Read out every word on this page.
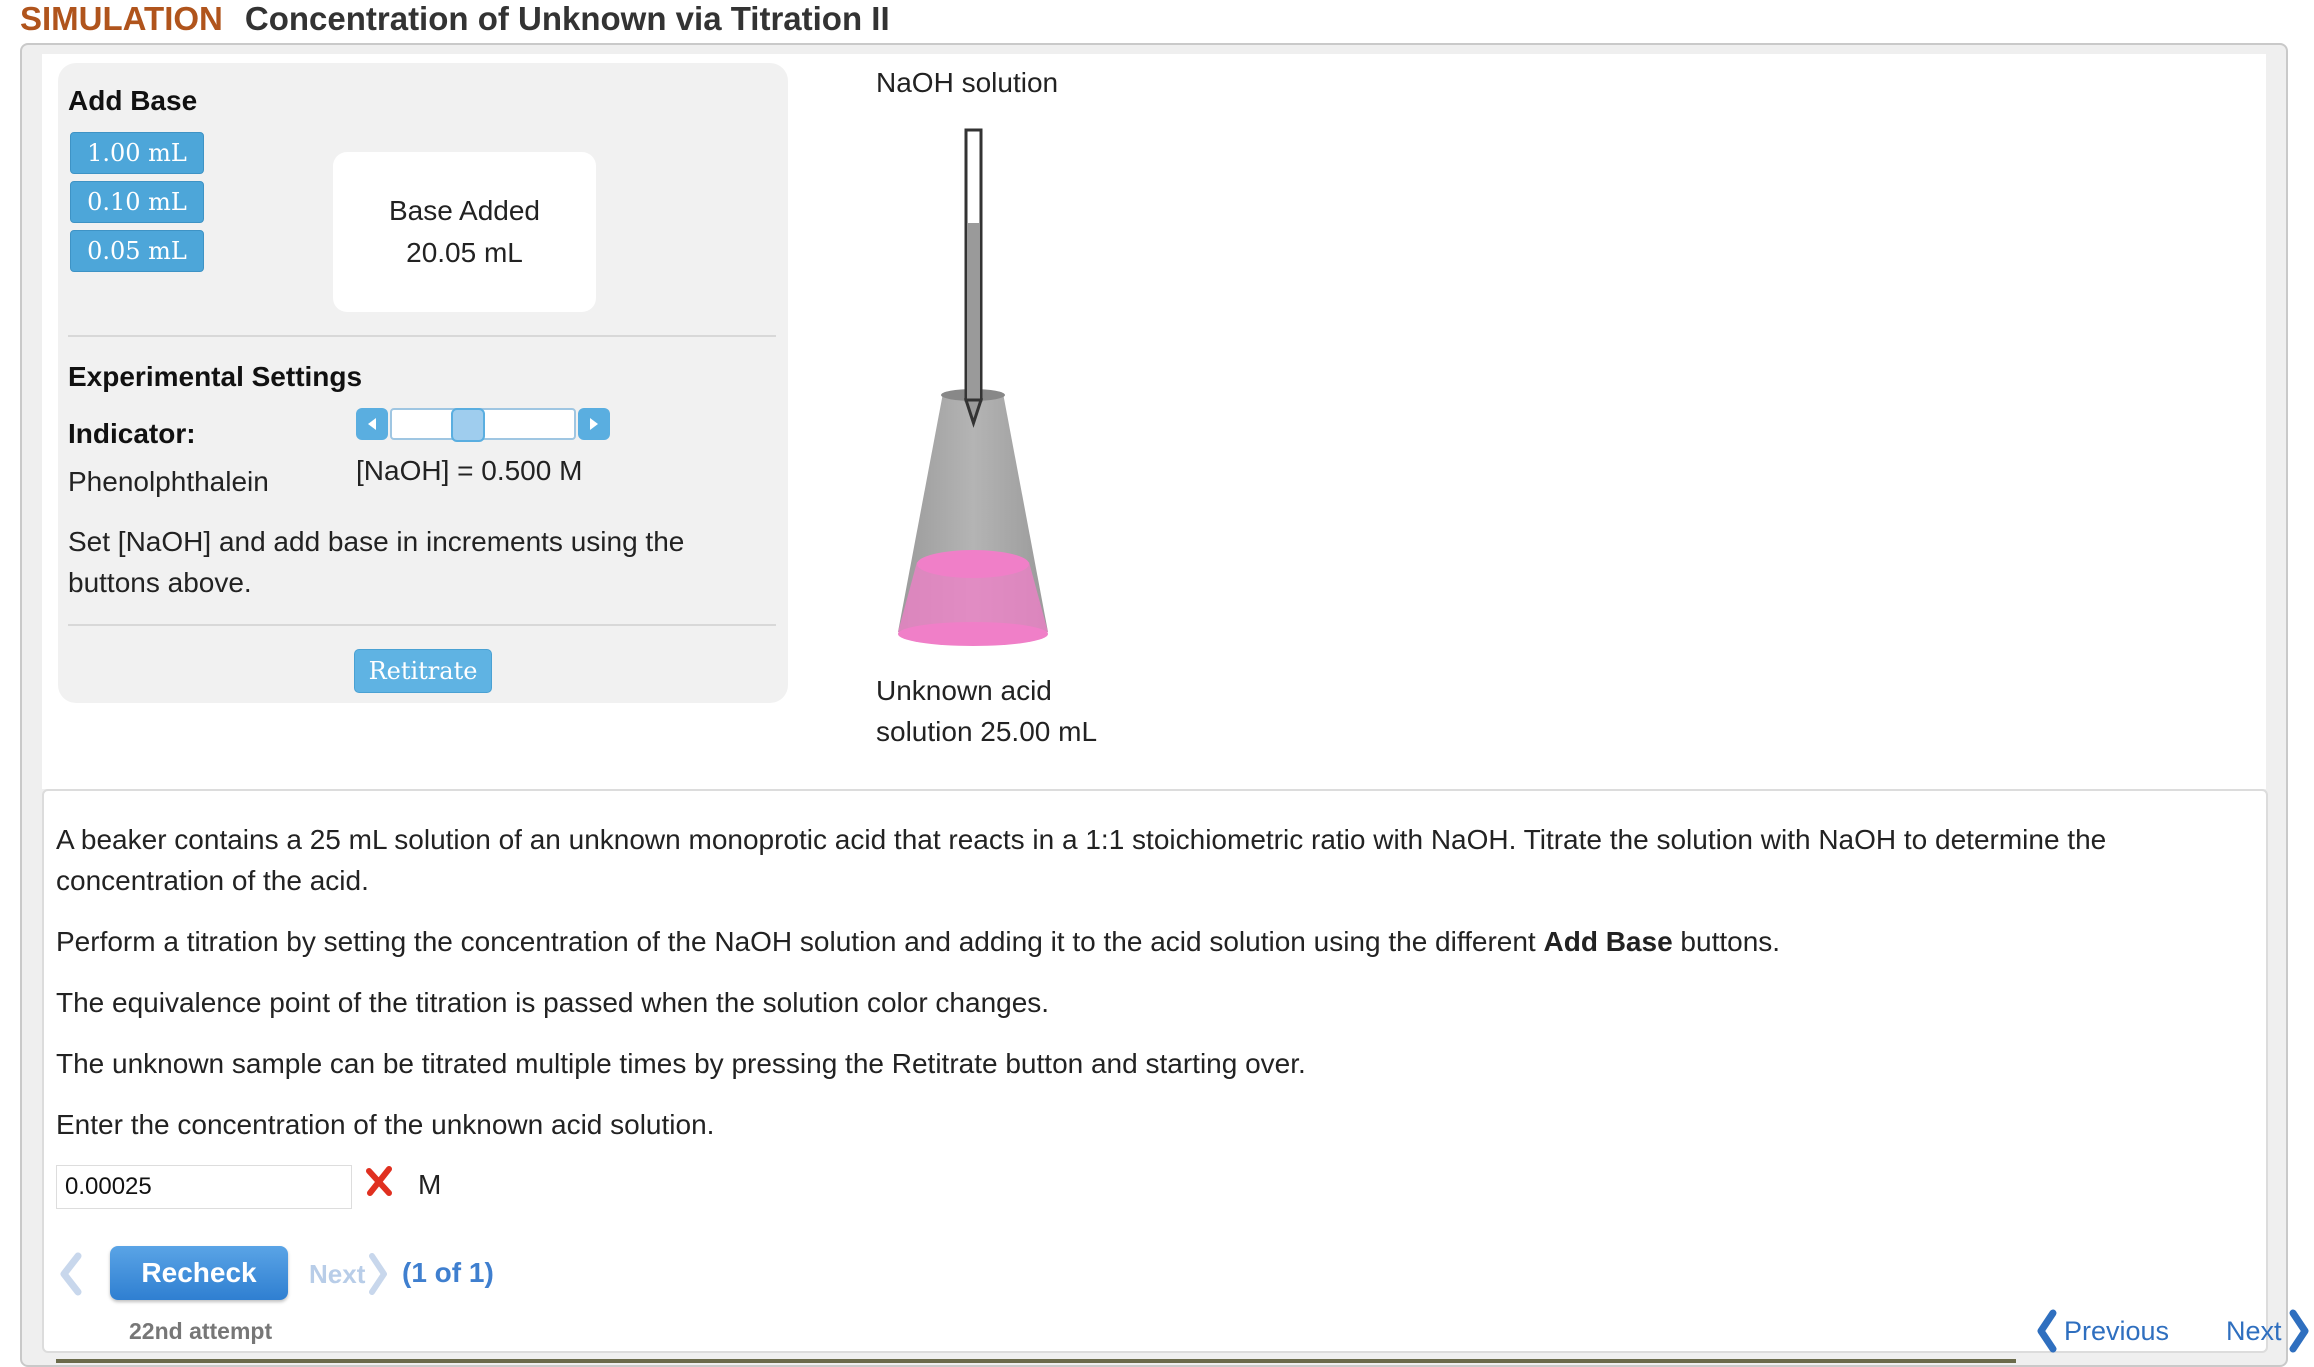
SIMULATION Concentration of Unknown via Titration II
Add Base
1.00 mL
0.10 mL
0.05 mL
Base Added
20.05 mL
Experimental Settings
Indicator:
Phenolphthalein	[NaOH] = 0.500 M
Set [NaOH] and add base in increments using the buttons above.
Retitrate
NaOH solution
Unknown acid
solution 25.00 mL

A beaker contains a 25 mL solution of an unknown monoprotic acid that reacts in a 1:1 stoichiometric ratio with NaOH. Titrate the solution with NaOH to determine the concentration of the acid.

Perform a titration by setting the concentration of the NaOH solution and adding it to the acid solution using the different Add Base buttons.

The equivalence point of the titration is passed when the solution color changes.

The unknown sample can be titrated multiple times by pressing the Retitrate button and starting over.

Enter the concentration of the unknown acid solution.

0.00025
M
Recheck	Next (1 of 1)
22nd attempt	Previous Next
